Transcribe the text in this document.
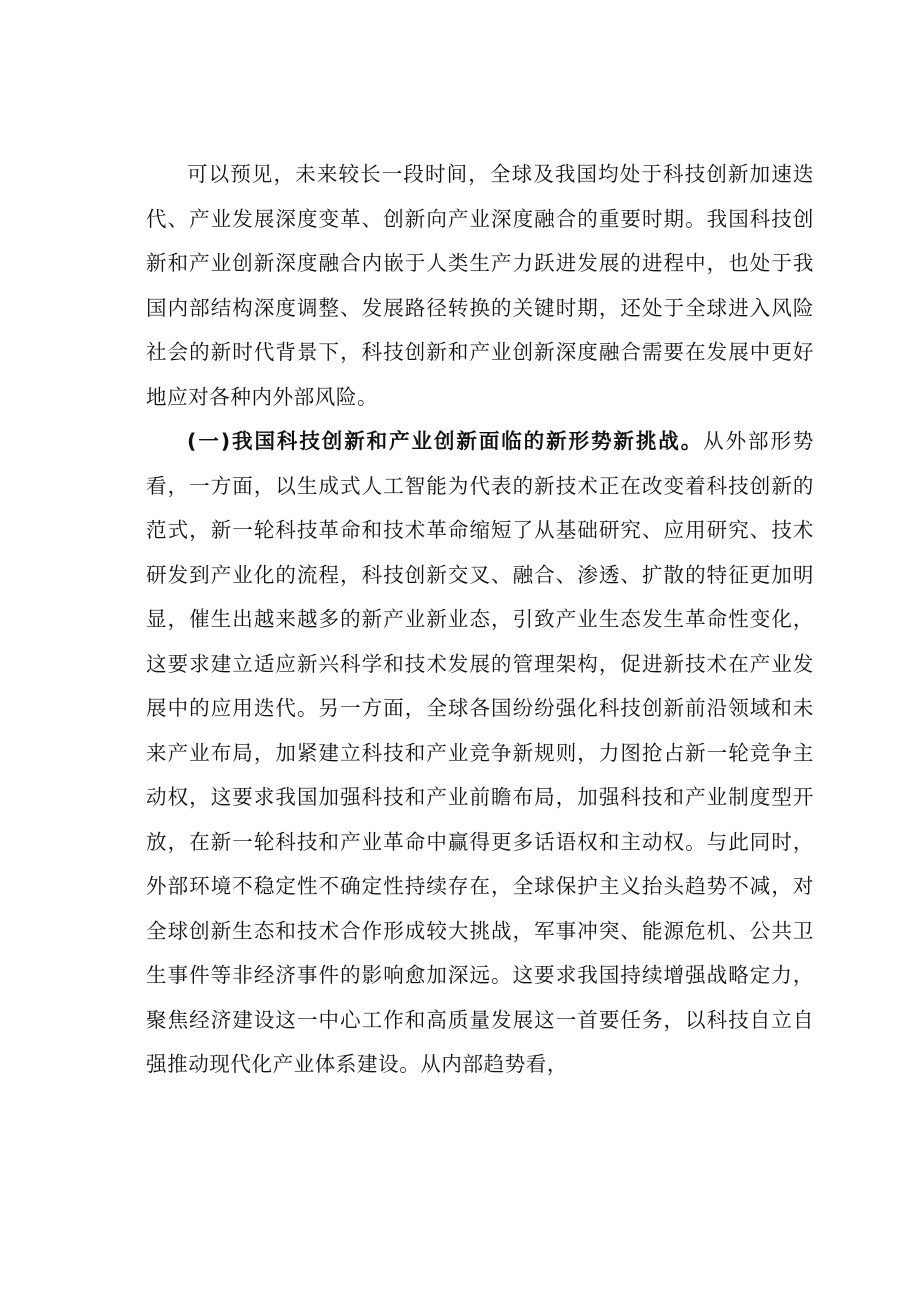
可以预见，未来较长一段时间，全球及我国均处于科技创新加速迭代、产业发展深度变革、创新向产业深度融合的重要时期。我国科技创新和产业创新深度融合内嵌于人类生产力跃进发展的进程中，也处于我国内部结构深度调整、发展路径转换的关键时期，还处于全球进入风险社会的新时代背景下，科技创新和产业创新深度融合需要在发展中更好地应对各种内外部风险。

(一)我国科技创新和产业创新面临的新形势新挑战。从外部形势看，一方面，以生成式人工智能为代表的新技术正在改变着科技创新的范式，新一轮科技革命和技术革命缩短了从基础研究、应用研究、技术研发到产业化的流程，科技创新交叉、融合、渗透、扩散的特征更加明显，催生出越来越多的新产业新业态，引致产业生态发生革命性变化，这要求建立适应新兴科学和技术发展的管理架构，促进新技术在产业发展中的应用迭代。另一方面，全球各国纷纷强化科技创新前沿领域和未来产业布局，加紧建立科技和产业竞争新规则，力图抢占新一轮竞争主动权，这要求我国加强科技和产业前瞻布局，加强科技和产业制度型开放，在新一轮科技和产业革命中赢得更多话语权和主动权。与此同时，外部环境不稳定性不确定性持续存在，全球保护主义抬头趋势不减，对全球创新生态和技术合作形成较大挑战，军事冲突、能源危机、公共卫生事件等非经济事件的影响愈加深远。这要求我国持续增强战略定力，聚焦经济建设这一中心工作和高质量发展这一首要任务，以科技自立自强推动现代化产业体系建设。从内部趋势看，
